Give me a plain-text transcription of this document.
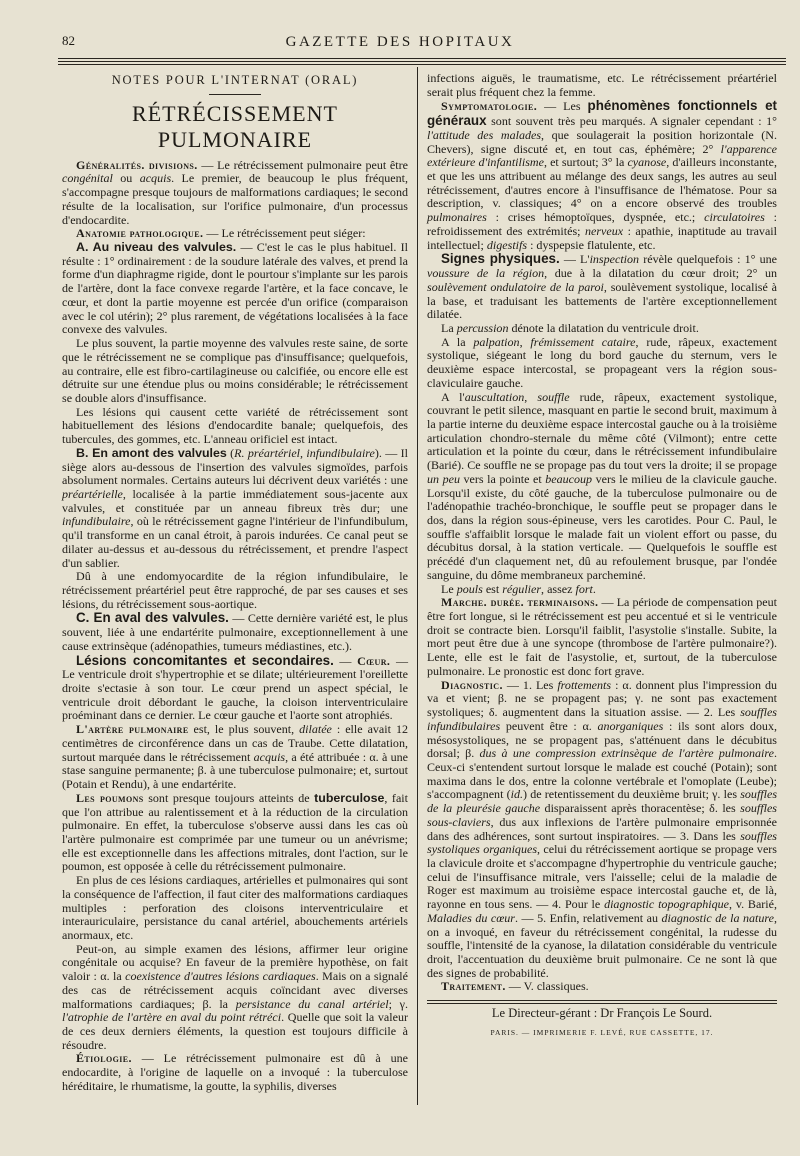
82	GAZETTE DES HOPITAUX
NOTES POUR L'INTERNAT (ORAL)
RÉTRÉCISSEMENT PULMONAIRE

Généralités. divisions. — Le rétrécissement pulmonaire peut être congénital ou acquis. Le premier, de beaucoup le plus fréquent, s'accompagne presque toujours de malformations cardiaques; le second résulte de la localisation, sur l'orifice pulmonaire, d'un processus d'endocardite.

Anatomie pathologique. — Le rétrécissement peut siéger:

A. Au niveau des valvules. — C'est le cas le plus habituel. Il résulte : 1° ordinairement : de la soudure latérale des valves, et prend la forme d'un diaphragme rigide, dont le pourtour s'implante sur les parois de l'artère, dont la face convexe regarde l'artère, et la face concave, le cœur, et dont la partie moyenne est percée d'un orifice (comparaison avec le col utérin); 2° plus rarement, de végétations localisées à la face convexe des valvules.

Le plus souvent, la partie moyenne des valvules reste saine, de sorte que le rétrécissement ne se complique pas d'insuffisance; quelquefois, au contraire, elle est fibro-cartilagineuse ou calcifiée, ou encore elle est détruite sur une étendue plus ou moins considérable; le rétrécissement se double alors d'insuffisance.

Les lésions qui causent cette variété de rétrécissement sont habituellement des lésions d'endocardite banale; quelquefois, des tubercules, des gommes, etc. L'anneau orificiel est intact.

B. En amont des valvules (R. préartériel, infundibulaire). — Il siège alors au-dessous de l'insertion des valvules sigmoïdes, parfois absolument normales. Certains auteurs lui décrivent deux variétés : une préartérielle, localisée à la partie immédiatement sous-jacente aux valvules, et constituée par un anneau fibreux très dur; une infundibulaire, où le rétrécissement gagne l'intérieur de l'infundibulum, qu'il transforme en un canal étroit, à parois indurées. Ce canal peut se dilater au-dessus et au-dessous du rétrécissement, et prendre l'aspect d'un sablier.

Dû à une endomyocardite de la région infundibulaire, le rétrécissement préartériel peut être rapproché, de par ses causes et ses lésions, du rétrécissement sous-aortique.

C. En aval des valvules. — Cette dernière variété est, le plus souvent, liée à une endartérite pulmonaire, exceptionnellement à une cause extrinsèque (adénopathies, tumeurs médiastines, etc.).

Lésions concomitantes et secondaires. — Cœur. — Le ventricule droit s'hypertrophie et se dilate; ultérieurement l'oreillette droite s'ectasie à son tour. Le cœur prend un aspect spécial, le ventricule droit débordant le gauche, la cloison interventriculaire proéminant dans ce dernier. Le cœur gauche et l'aorte sont atrophiés.

L'artère pulmonaire est, le plus souvent, dilatée : elle avait 12 centimètres de circonférence dans un cas de Traube. Cette dilatation, surtout marquée dans le rétrécissement acquis, a été attribuée : α. à une stase sanguine permanente; β. à une tuberculose pulmonaire; et, surtout (Potain et Rendu), à une endartérite.

Les poumons sont presque toujours atteints de tuberculose, fait que l'on attribue au ralentissement et à la réduction de la circulation pulmonaire. En effet, la tuberculose s'observe aussi dans les cas où l'artère pulmonaire est comprimée par une tumeur ou un anévrisme; elle est exceptionnelle dans les affections mitrales, dont l'action, sur le poumon, est opposée à celle du rétrécissement pulmonaire.

En plus de ces lésions cardiaques, artérielles et pulmonaires qui sont la conséquence de l'affection, il faut citer des malformations cardiaques multiples : perforation des cloisons interventriculaire et interauriculaire, persistance du canal artériel, abouchements artériels anormaux, etc.

Peut-on, au simple examen des lésions, affirmer leur origine congénitale ou acquise? En faveur de la première hypothèse, on fait valoir : α. la coexistence d'autres lésions cardiaques. Mais on a signalé des cas de rétrécissement acquis coïncidant avec diverses malformations cardiaques; β. la persistance du canal artériel; γ. l'atrophie de l'artère en aval du point rétréci. Quelle que soit la valeur de ces deux derniers éléments, la question est toujours difficile à résoudre.

Étiologie. — Le rétrécissement pulmonaire est dû à une endocardite, à l'origine de laquelle on a invoqué : la tuberculose héréditaire, le rhumatisme, la goutte, la syphilis, diverses

infections aiguës, le traumatisme, etc. Le rétrécissement préartériel serait plus fréquent chez la femme.

Symptomatologie. — Les phénomènes fonctionnels et généraux sont souvent très peu marqués. A signaler cependant : 1° l'attitude des malades, que soulagerait la position horizontale (N. Chevers), signe discuté et, en tout cas, éphémère; 2° l'apparence extérieure d'infantilisme, et surtout; 3° la cyanose, d'ailleurs inconstante, et que les uns attribuent au mélange des deux sangs, les autres au seul rétrécissement, d'autres encore à l'insuffisance de l'hématose. Pour sa description, v. classiques; 4° on a encore observé des troubles pulmonaires : crises hémoptoïques, dyspnée, etc.; circulatoires : refroidissement des extrémités; nerveux : apathie, inaptitude au travail intellectuel; digestifs : dyspepsie flatulente, etc.

Signes physiques. — L'inspection révèle quelquefois : 1° une voussure de la région, due à la dilatation du cœur droit; 2° un soulèvement ondulatoire de la paroi, soulèvement systolique, localisé à la base, et traduisant les battements de l'artère exceptionnellement dilatée.

La percussion dénote la dilatation du ventricule droit.

A la palpation, frémissement cataire, rude, râpeux, exactement systolique, siégeant le long du bord gauche du sternum, vers le deuxième espace intercostal, se propageant vers la région sous-claviculaire gauche.

A l'auscultation, souffle rude, râpeux, exactement systolique, couvrant le petit silence, masquant en partie le second bruit, maximum à la partie interne du deuxième espace intercostal gauche ou à la troisième articulation chondro-sternale du même côté (Vilmont); entre cette articulation et la pointe du cœur, dans le rétrécissement infundibulaire (Barié). Ce souffle ne se propage pas du tout vers la droite; il se propage un peu vers la pointe et beaucoup vers le milieu de la clavicule gauche. Lorsqu'il existe, du côté gauche, de la tuberculose pulmonaire ou de l'adénopathie trachéo-bronchique, le souffle peut se propager dans le dos, dans la région sous-épineuse, vers les carotides. Pour C. Paul, le souffle s'affaiblit lorsque le malade fait un violent effort ou passe, du décubitus dorsal, à la station verticale. — Quelquefois le souffle est précédé d'un claquement net, dû au refoulement brusque, par l'ondée sanguine, du dôme membraneux parcheminé.

Le pouls est régulier, assez fort.

Marche. durée. terminaisons. — La période de compensation peut être fort longue, si le rétrécissement est peu accentué et si le ventricule droit se contracte bien. Lorsqu'il faiblit, l'asystolie s'installe. Subite, la mort peut être due à une syncope (thrombose de l'artère pulmonaire?). Lente, elle est le fait de l'asystolie, et, surtout, de la tuberculose pulmonaire. Le pronostic est donc fort grave.

Diagnostic. — 1. Les frottements : α. donnent plus l'impression du va et vient; β. ne se propagent pas; γ. ne sont pas exactement systoliques; δ. augmentent dans la situation assise. — 2. Les souffles infundibulaires peuvent être : α. anorganiques : ils sont alors doux, mésosystoliques, ne se propagent pas, s'atténuent dans le décubitus dorsal; β. dus à une compression extrinsèque de l'artère pulmonaire. Ceux-ci s'entendent surtout lorsque le malade est couché (Potain); sont maxima dans le dos, entre la colonne vertébrale et l'omoplate (Leube); s'accompagnent (id.) de retentissement du deuxième bruit; γ. les souffles de la pleurésie gauche disparaissent après thoracentèse; δ. les souffles sous-claviers, dus aux inflexions de l'artère pulmonaire emprisonnée dans des adhérences, sont surtout inspiratoires. — 3. Dans les souffles systoliques organiques, celui du rétrécissement aortique se propage vers la clavicule droite et s'accompagne d'hypertrophie du ventricule gauche; celui de l'insuffisance mitrale, vers l'aisselle; celui de la maladie de Roger est maximum au troisième espace intercostal gauche et, de là, rayonne en tous sens. — 4. Pour le diagnostic topographique, v. Barié, Maladies du cœur. — 5. Enfin, relativement au diagnostic de la nature, on a invoqué, en faveur du rétrécissement congénital, la rudesse du souffle, l'intensité de la cyanose, la dilatation considérable du ventricule droit, l'accentuation du deuxième bruit pulmonaire. Ce ne sont là que des signes de probabilité.

Traitement. — V. classiques.

Le Directeur-gérant : Dr François Le Sourd.
PARIS. — IMPRIMERIE F. LEVÉ, RUE CASSETTE, 17.
